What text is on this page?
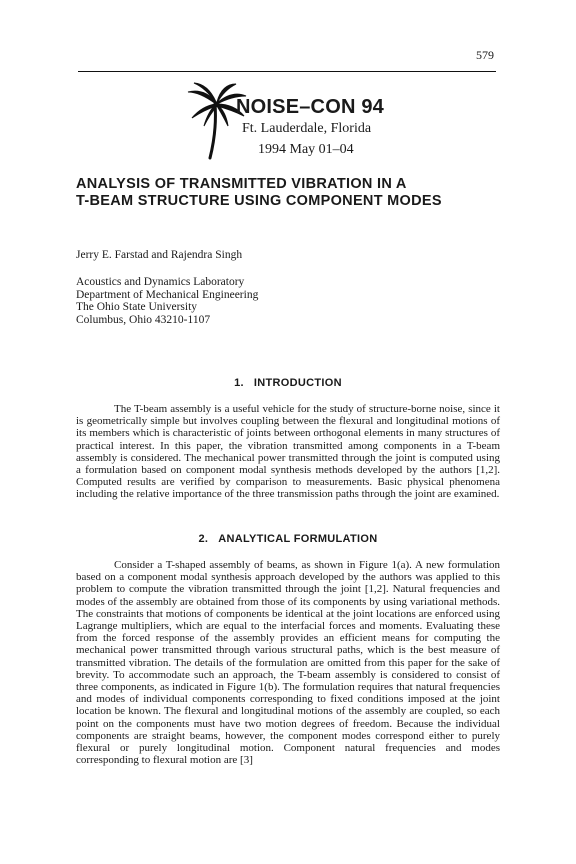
579
NOISE–CON 94
Ft. Lauderdale, Florida
1994 May 01–04
ANALYSIS OF TRANSMITTED VIBRATION IN A
T-BEAM STRUCTURE USING COMPONENT MODES
Jerry E. Farstad and Rajendra Singh
Acoustics and Dynamics Laboratory
Department of Mechanical Engineering
The Ohio State University
Columbus, Ohio 43210-1107
1. INTRODUCTION

The T-beam assembly is a useful vehicle for the study of structure-borne noise, since it is geometrically simple but involves coupling between the flexural and longitudinal motions of its members which is characteristic of joints between orthogonal elements in many structures of practical interest. In this paper, the vibration transmitted among components in a T-beam assembly is considered. The mechanical power transmitted through the joint is computed using a formulation based on component modal synthesis methods developed by the authors [1,2]. Computed results are verified by comparison to measurements. Basic physical phenomena including the relative importance of the three transmission paths through the joint are examined.

2. ANALYTICAL FORMULATION

Consider a T-shaped assembly of beams, as shown in Figure 1(a). A new formulation based on a component modal synthesis approach developed by the authors was applied to this problem to compute the vibration transmitted through the joint [1,2]. Natural frequencies and modes of the assembly are obtained from those of its components by using variational methods. The constraints that motions of components be identical at the joint locations are enforced using Lagrange multipliers, which are equal to the interfacial forces and moments. Evaluating these from the forced response of the assembly provides an efficient means for computing the mechanical power transmitted through various structural paths, which is the best measure of transmitted vibration. The details of the formulation are omitted from this paper for the sake of brevity. To accommodate such an approach, the T-beam assembly is considered to consist of three components, as indicated in Figure 1(b). The formulation requires that natural frequencies and modes of individual components corresponding to fixed conditions imposed at the joint location be known. The flexural and longitudinal motions of the assembly are coupled, so each point on the components must have two motion degrees of freedom. Because the individual components are straight beams, however, the component modes correspond either to purely flexural or purely longitudinal motion. Component natural frequencies and modes corresponding to flexural motion are [3]
